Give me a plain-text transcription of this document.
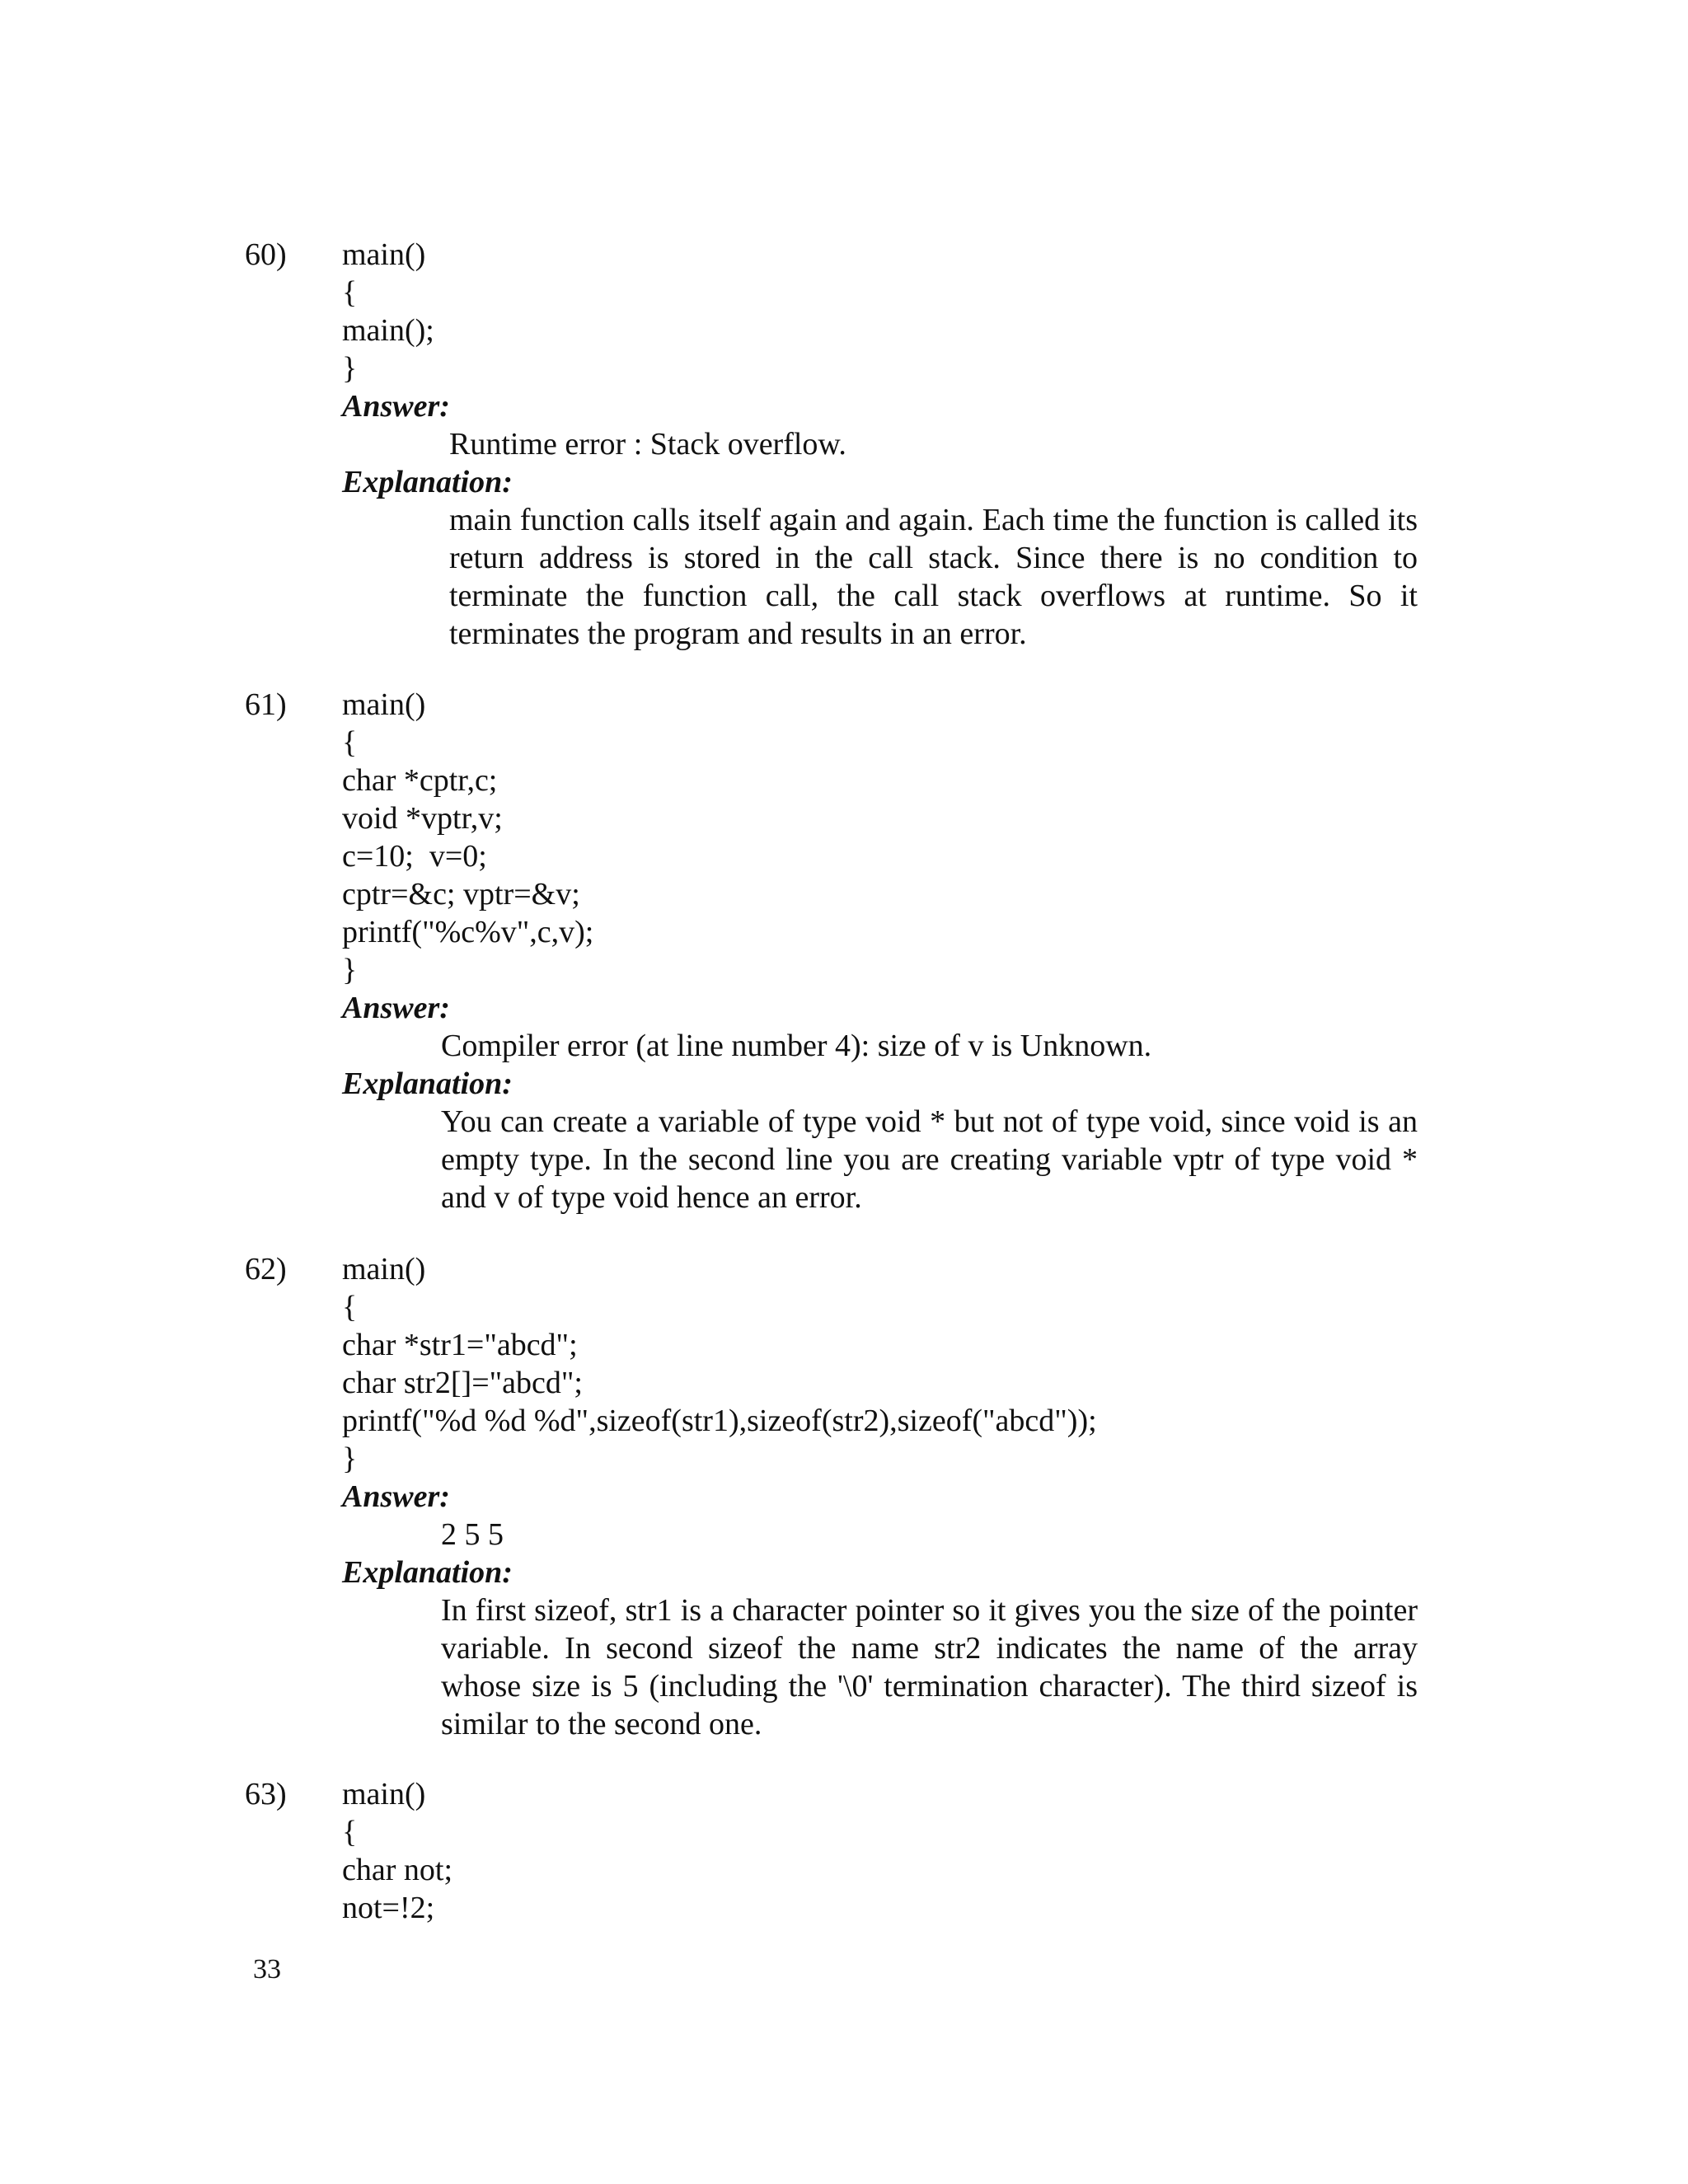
60) main()
{
main();
}
Answer:
Runtime error : Stack overflow.
Explanation:
main function calls itself again and again. Each time the function is called its return address is stored in the call stack. Since there is no condition to terminate the function call, the call stack overflows at runtime. So it terminates the program and results in an error.
61) main()
{
char *cptr,c;
void *vptr,v;
c=10;  v=0;
cptr=&c; vptr=&v;
printf("%c%v",c,v);
}
Answer:
Compiler error (at line number 4): size of v is Unknown.
Explanation:
You can create a variable of type void * but not of type void, since void is an empty type. In the second line you are creating variable vptr of type void * and v of type void hence an error.
62) main()
{
char *str1="abcd";
char str2[]="abcd";
printf("%d %d %d",sizeof(str1),sizeof(str2),sizeof("abcd"));
}
Answer:
2 5 5
Explanation:
In first sizeof, str1 is a character pointer so it gives you the size of the pointer variable. In second sizeof the name str2 indicates the name of the array whose size is 5 (including the '\0' termination character). The third sizeof is similar to the second one.
63) main()
{
char not;
not=!2;
33
